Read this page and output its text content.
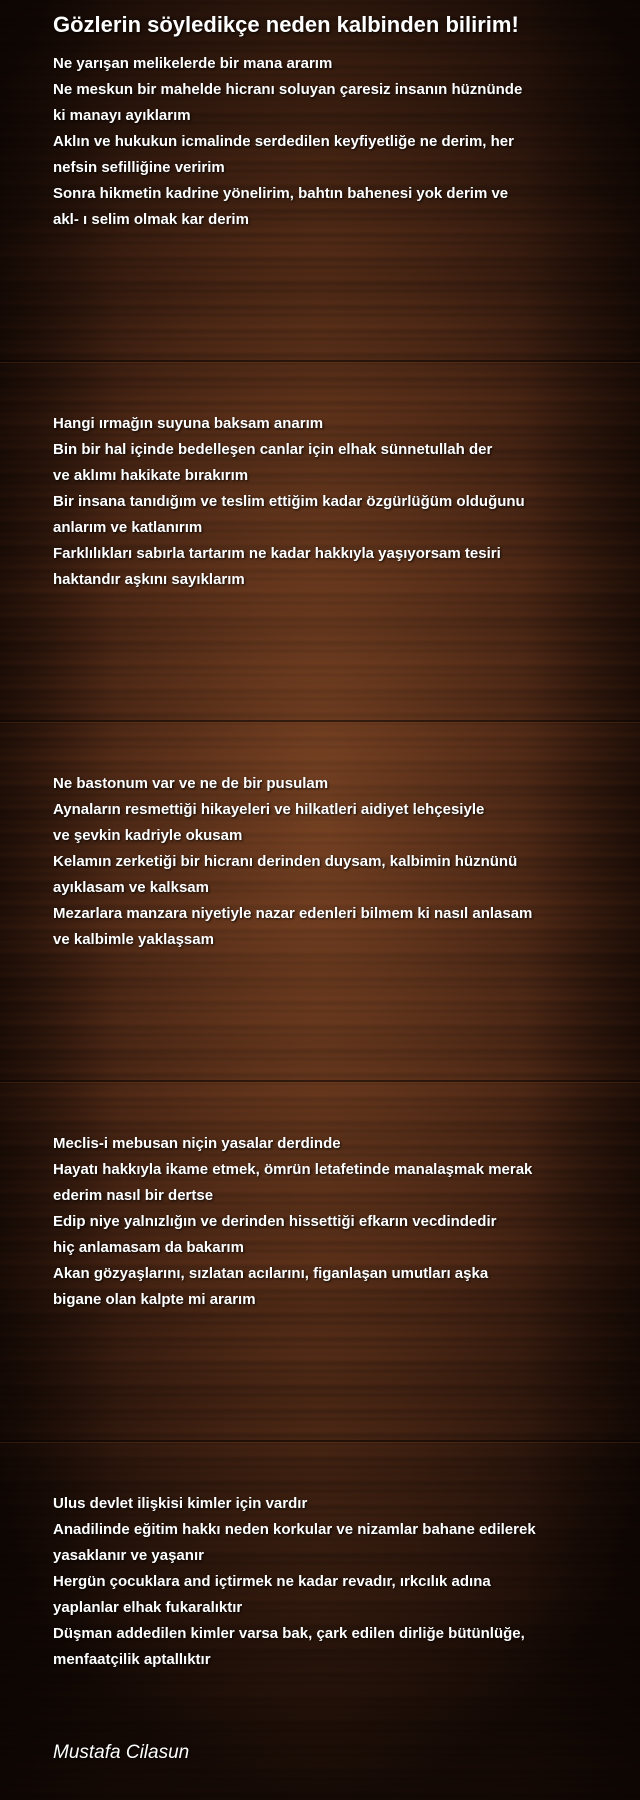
Gözlerin söyledikçe neden kalbinden bilirim!
Ne yarışan melikelerde bir mana ararım
Ne meskun bir mahelde hicranı soluyan çaresiz insanın hüznünde
ki manayı ayıklarım
Aklın ve hukukun icmalinde serdedilen keyfiyetliğe ne derim, her
nefsin sefilliğine veririm
Sonra hikmetin kadrine yönelirim, bahtın bahenesi yok derim ve
akl- ı selim olmak kar derim
Hangi ırmağın suyuna baksam anarım
Bin bir hal içinde bedelleşen canlar için elhak sünnetullah der
ve aklımı hakikate bırakırım
Bir insana tanıdığım ve teslim ettiğim kadar özgürlüğüm olduğunu
anlarım ve katlanırım
Farklılıkları sabırla tartarım ne kadar hakkıyla yaşıyorsam tesiri
haktandır aşkını sayıklarım
Ne bastonum var ve ne de bir pusulam
Aynaların resmettiği hikayeleri ve hilkatleri aidiyet lehçesiyle
ve şevkin kadriyle okusam
Kelamın zerketiği bir hicranı derinden duysam, kalbimin hüznünü
ayıklasam ve kalksam
Mezarlara manzara niyetiyle nazar edenleri bilmem ki nasıl anlasam
ve kalbimle yaklaşsam
Meclis-i mebusan niçin yasalar derdinde
Hayatı hakkıyla ikame etmek, ömrün letafetinde manalaşmak merak
ederim nasıl bir dertse
Edip niye yalnızlığın ve derinden hissettiği efkarın vecdindedir
hiç anlamasam da bakarım
Akan gözyaşlarını, sızlatan acılarını, figanlaşan umutları aşka
bigane olan kalpte mi ararım
Ulus devlet ilişkisi kimler için vardır
Anadilinde eğitim hakkı neden korkular ve nizamlar bahane edilerek
yasaklanır ve yaşanır
Hergün çocuklara and içtirmek ne kadar revadır, ırkcılık adına
yaplanlar elhak fukaralıktır
Düşman addedilen kimler varsa bak, çark edilen dirliğe bütünlüğe,
menfaatçilik aptallıktır
Mustafa Cilasun
